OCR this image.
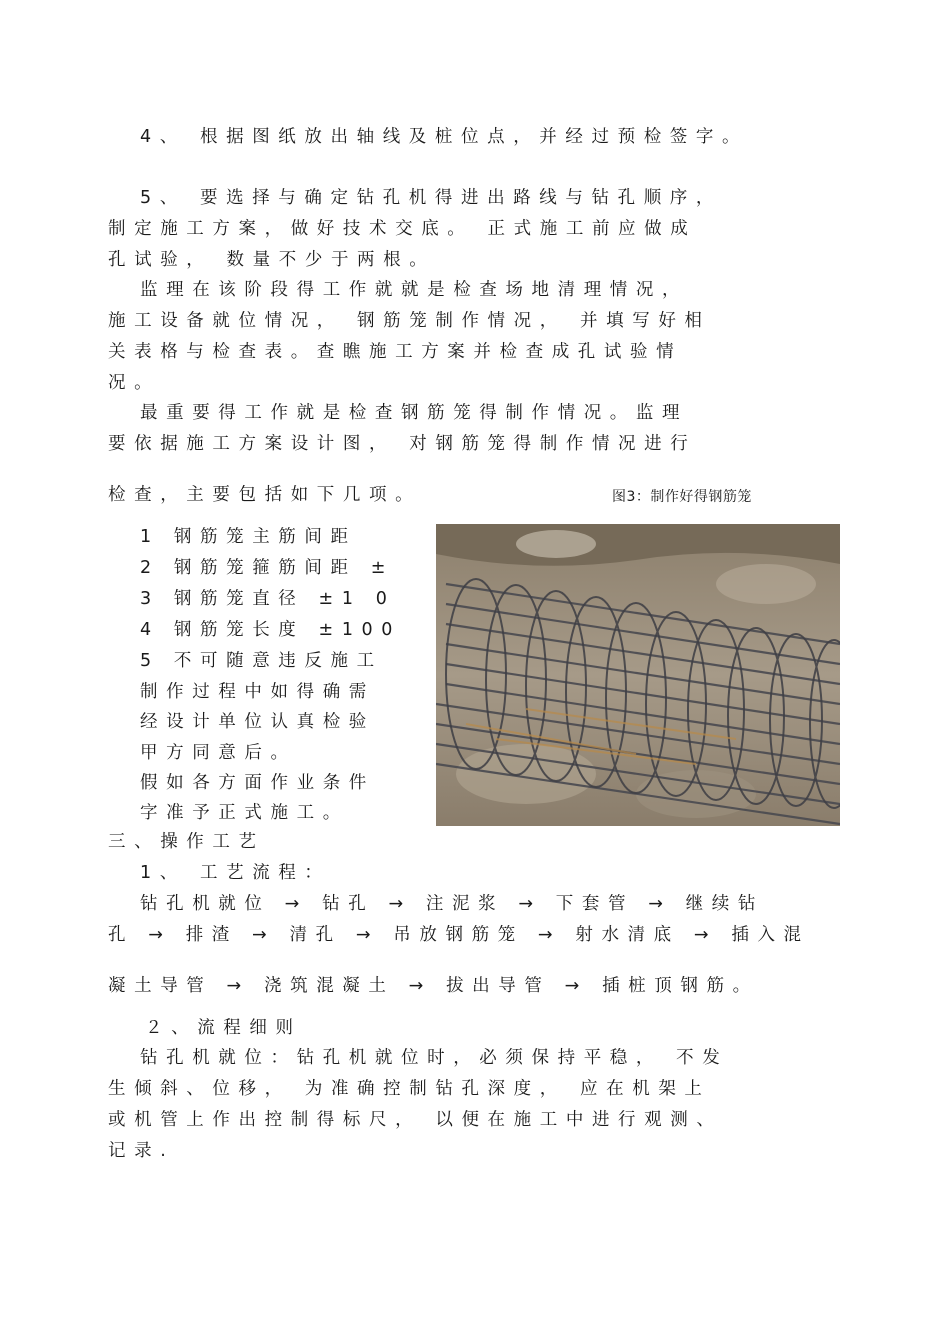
4、 根据图纸放出轴线及桩位点，并经过预检签字。
5、 要选择与确定钻孔机得进出路线与钻孔顺序，
制定施工方案，做好技术交底。 正式施工前应做成
孔试验， 数量不少于两根。
监理在该阶段得工作就就是检查场地清理情况，
施工设备就位情况， 钢筋笼制作情况， 并填写好相
关表格与检查表。查瞧施工方案并检查成孔试验情
况。
最重要得工作就是检查钢筋笼得制作情况。监理
要依据施工方案设计图， 对钢筋笼得制作情况进行
检查，主要包括如下几项。	图3：制作好得钢筋笼
1 钢筋笼主筋间距
2 钢筋笼箍筋间距 ±
3 钢筋笼直径 ±1 0
4 钢筋笼长度 ±100
5 不可随意违反施工
制作过程中如得确需
经设计单位认真检验
甲方同意后。
假如各方面作业条件
字准予正式施工。
三、操作工艺
1、 工艺流程：
钻孔机就位 → 钻孔 → 注泥浆 → 下套管 → 继续钻
孔 → 排渣 → 清孔 → 吊放钢筋笼 → 射水清底 → 插入混
凝土导管 → 浇筑混凝土 → 拔出导管 → 插桩顶钢筋。
２、流程细则
钻孔机就位：钻孔机就位时，必须保持平稳， 不发
生倾斜、位移， 为准确控制钻孔深度， 应在机架上
或机管上作出控制得标尺， 以便在施工中进行观测、
记录.
